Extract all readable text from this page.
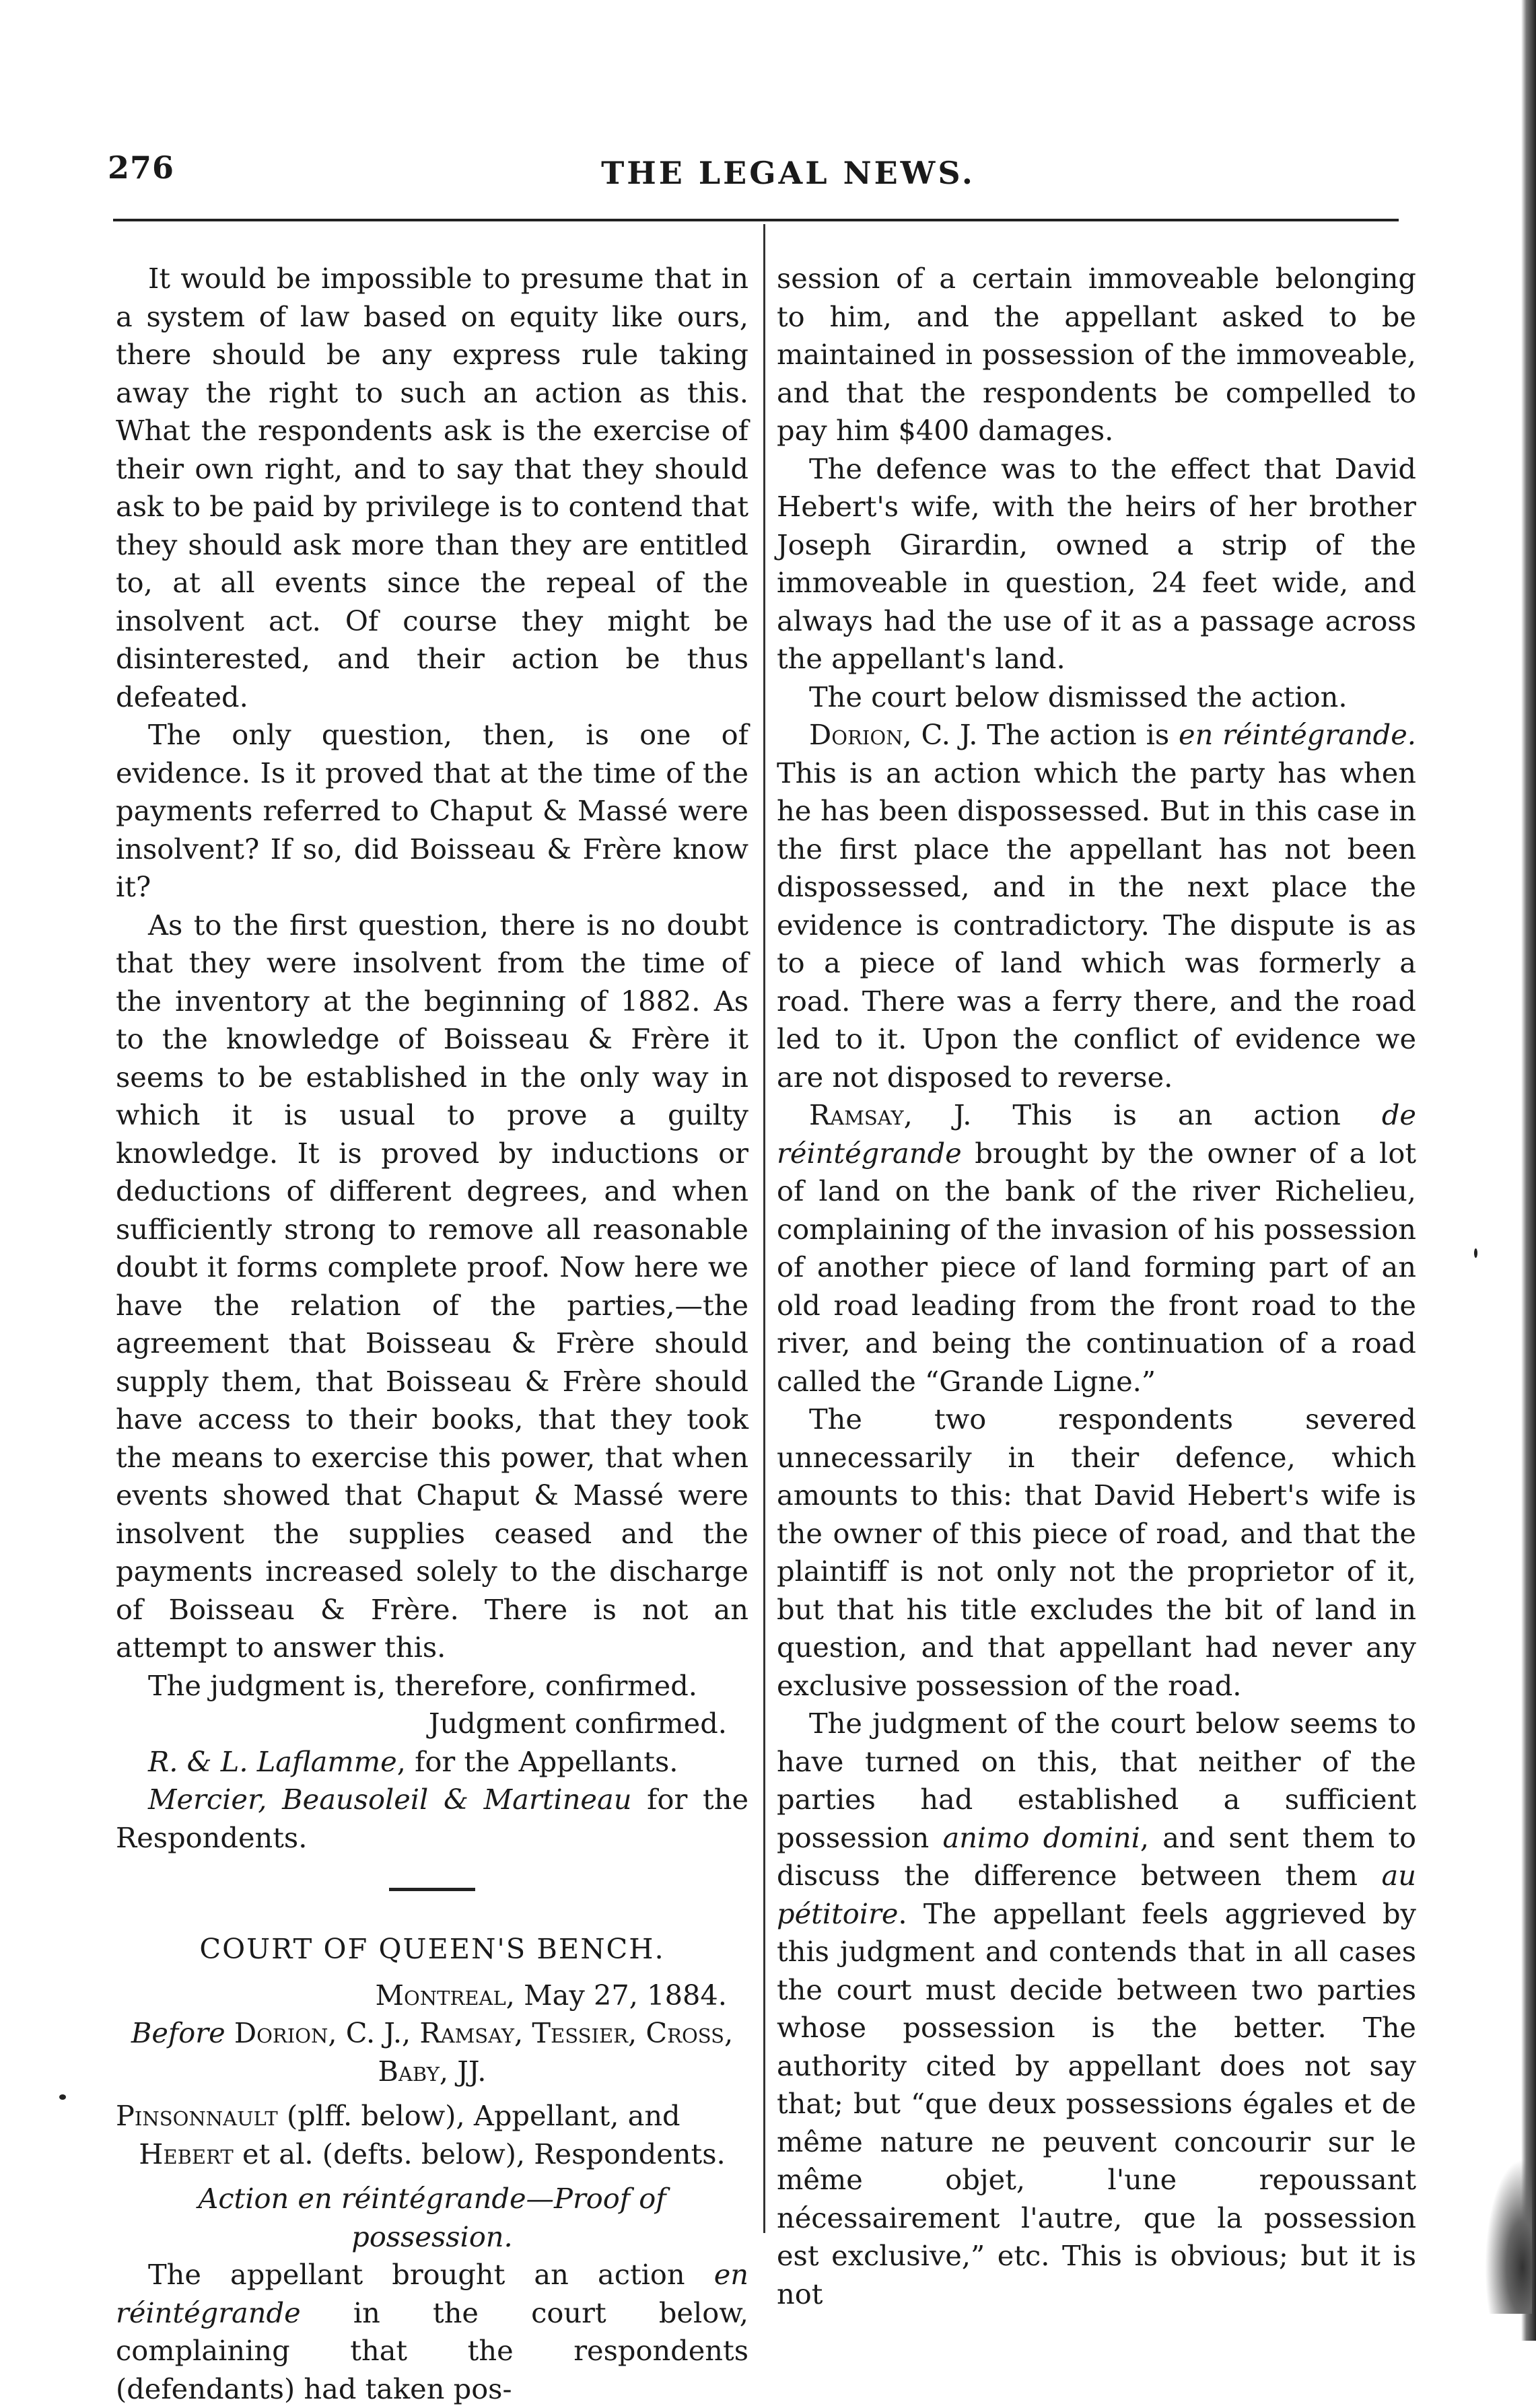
276	THE LEGAL NEWS.

It would be impossible to presume that in a system of law based on equity like ours, there should be any express rule taking away the right to such an action as this. What the respondents ask is the exercise of their own right, and to say that they should ask to be paid by privilege is to contend that they should ask more than they are entitled to, at all events since the repeal of the insolvent act. Of course they might be disinterested, and their action be thus defeated.

The only question, then, is one of evidence. Is it proved that at the time of the payments referred to Chaput & Massé were insolvent? If so, did Boisseau & Frère know it?

As to the first question, there is no doubt that they were insolvent from the time of the inventory at the beginning of 1882. As to the knowledge of Boisseau & Frère it seems to be established in the only way in which it is usual to prove a guilty knowledge. It is proved by inductions or deductions of different degrees, and when sufficiently strong to remove all reasonable doubt it forms complete proof. Now here we have the relation of the parties,—the agreement that Boisseau & Frère should supply them, that Boisseau & Frère should have access to their books, that they took the means to exercise this power, that when events showed that Chaput & Massé were insolvent the supplies ceased and the payments increased solely to the discharge of Boisseau & Frère. There is not an attempt to answer this.

The judgment is, therefore, confirmed.

Judgment confirmed.

R. & L. Laflamme, for the Appellants.

Mercier, Beausoleil & Martineau for the Respondents.

COURT OF QUEEN'S BENCH.

Montreal, May 27, 1884.

Before Dorion, C. J., Ramsay, Tessier, Cross, Baby, JJ.

Pinsonnault (plff. below), Appellant, and

Hebert et al. (defts. below), Respondents.

Action en réintégrande—Proof of possession.

The appellant brought an action en réintégrande in the court below, complaining that the respondents (defendants) had taken pos-

session of a certain immoveable belonging to him, and the appellant asked to be maintained in possession of the immoveable, and that the respondents be compelled to pay him $400 damages.

The defence was to the effect that David Hebert's wife, with the heirs of her brother Joseph Girardin, owned a strip of the immoveable in question, 24 feet wide, and always had the use of it as a passage across the appellant's land.

The court below dismissed the action.

Dorion, C. J. The action is en réintégrande. This is an action which the party has when he has been dispossessed. But in this case in the first place the appellant has not been dispossessed, and in the next place the evidence is contradictory. The dispute is as to a piece of land which was formerly a road. There was a ferry there, and the road led to it. Upon the conflict of evidence we are not disposed to reverse.

Ramsay, J. This is an action de réintégrande brought by the owner of a lot of land on the bank of the river Richelieu, complaining of the invasion of his possession of another piece of land forming part of an old road leading from the front road to the river, and being the continuation of a road called the “Grande Ligne.”

The two respondents severed unnecessarily in their defence, which amounts to this: that David Hebert's wife is the owner of this piece of road, and that the plaintiff is not only not the proprietor of it, but that his title excludes the bit of land in question, and that appellant had never any exclusive possession of the road.

The judgment of the court below seems to have turned on this, that neither of the parties had established a sufficient possession animo domini, and sent them to discuss the difference between them au pétitoire. The appellant feels aggrieved by this judgment and contends that in all cases the court must decide between two parties whose possession is the better. The authority cited by appellant does not say that; but “que deux possessions égales et de même nature ne peuvent concourir sur le même objet, l'une repoussant nécessairement l'autre, que la possession est exclusive,” etc. This is obvious; but it is not
